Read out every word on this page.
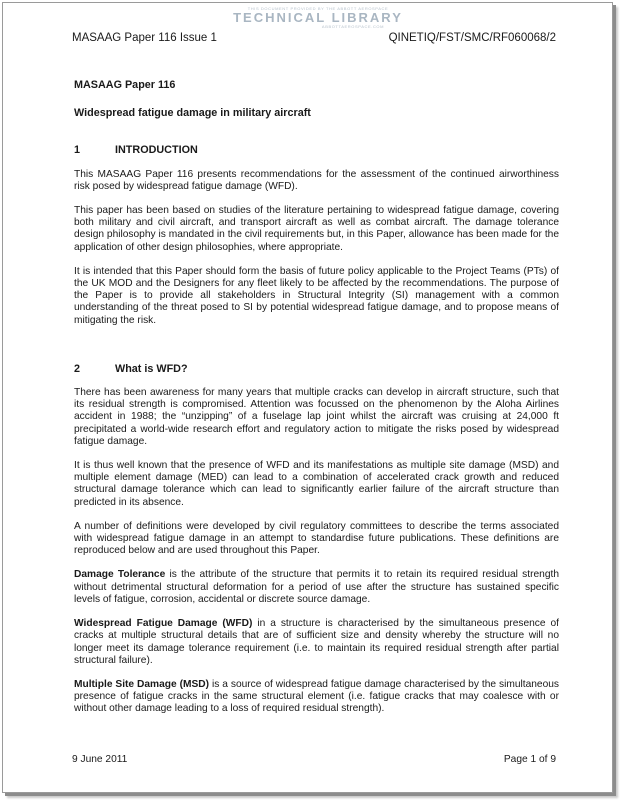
THIS DOCUMENT PROVIDED BY THE ABBOTT AEROSPACE
TECHNICAL LIBRARY
ABBOTTAEROSPACE.COM
MASAAG Paper 116 Issue 1	QINETIQ/FST/SMC/RF060068/2
MASAAG Paper 116
Widespread fatigue damage in military aircraft
1	INTRODUCTION

This MASAAG Paper 116 presents recommendations for the assessment of the continued airworthiness risk posed by widespread fatigue damage (WFD).

This paper has been based on studies of the literature pertaining to widespread fatigue damage, covering both military and civil aircraft, and transport aircraft as well as combat aircraft. The damage tolerance design philosophy is mandated in the civil requirements but, in this Paper, allowance has been made for the application of other design philosophies, where appropriate.

It is intended that this Paper should form the basis of future policy applicable to the Project Teams (PTs) of the UK MOD and the Designers for any fleet likely to be affected by the recommendations. The purpose of the Paper is to provide all stakeholders in Structural Integrity (SI) management with a common understanding of the threat posed to SI by potential widespread fatigue damage, and to propose means of mitigating the risk.

2	What is WFD?

There has been awareness for many years that multiple cracks can develop in aircraft structure, such that its residual strength is compromised. Attention was focussed on the phenomenon by the Aloha Airlines accident in 1988; the “unzipping” of a fuselage lap joint whilst the aircraft was cruising at 24,000 ft precipitated a world-wide research effort and regulatory action to mitigate the risks posed by widespread fatigue damage.

It is thus well known that the presence of WFD and its manifestations as multiple site damage (MSD) and multiple element damage (MED) can lead to a combination of accelerated crack growth and reduced structural damage tolerance which can lead to significantly earlier failure of the aircraft structure than predicted in its absence.

A number of definitions were developed by civil regulatory committees to describe the terms associated with widespread fatigue damage in an attempt to standardise future publications. These definitions are reproduced below and are used throughout this Paper.

Damage Tolerance is the attribute of the structure that permits it to retain its required residual strength without detrimental structural deformation for a period of use after the structure has sustained specific levels of fatigue, corrosion, accidental or discrete source damage.

Widespread Fatigue Damage (WFD) in a structure is characterised by the simultaneous presence of cracks at multiple structural details that are of sufficient size and density whereby the structure will no longer meet its damage tolerance requirement (i.e. to maintain its required residual strength after partial structural failure).

Multiple Site Damage (MSD) is a source of widespread fatigue damage characterised by the simultaneous presence of fatigue cracks in the same structural element (i.e. fatigue cracks that may coalesce with or without other damage leading to a loss of required residual strength).

9 June 2011	Page 1 of 9
